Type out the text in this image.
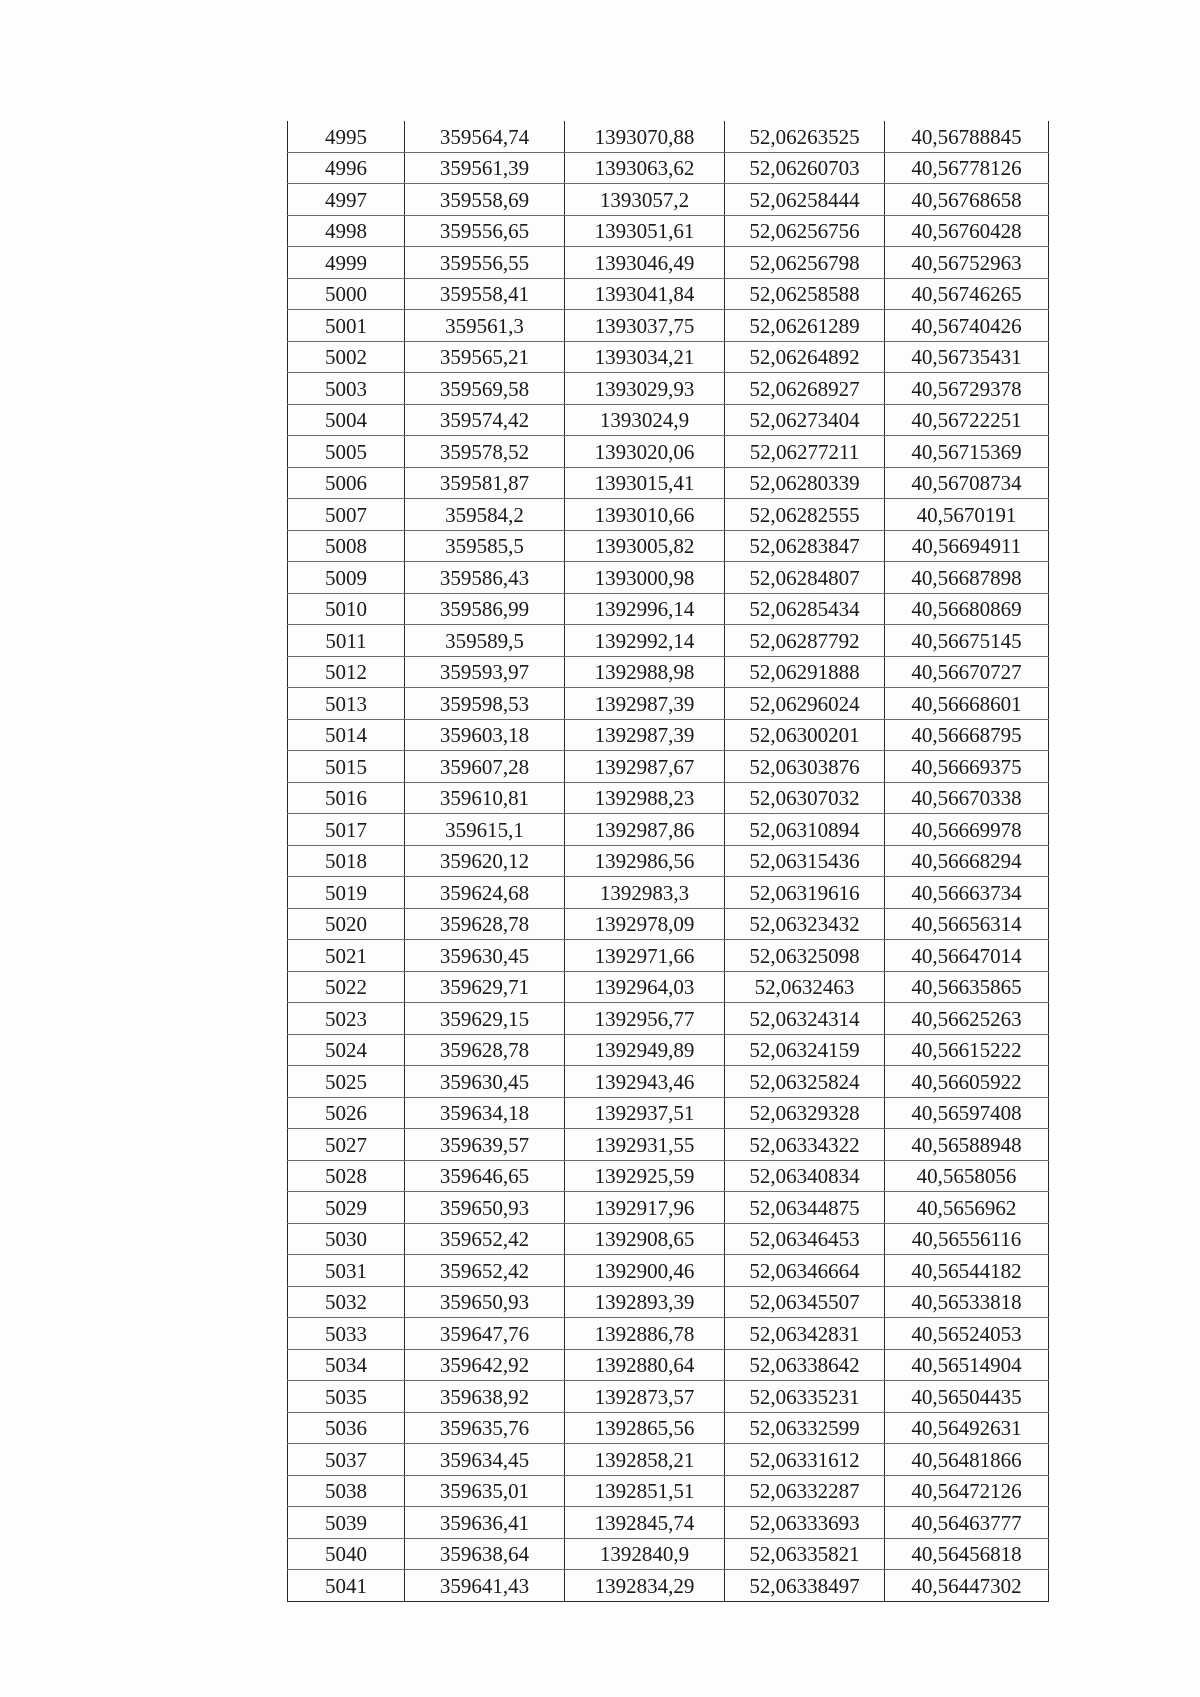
4995	359564,74	1393070,88	52,06263525	40,56788845
4996	359561,39	1393063,62	52,06260703	40,56778126
4997	359558,69	1393057,2	52,06258444	40,56768658
4998	359556,65	1393051,61	52,06256756	40,56760428
4999	359556,55	1393046,49	52,06256798	40,56752963
5000	359558,41	1393041,84	52,06258588	40,56746265
5001	359561,3	1393037,75	52,06261289	40,56740426
5002	359565,21	1393034,21	52,06264892	40,56735431
5003	359569,58	1393029,93	52,06268927	40,56729378
5004	359574,42	1393024,9	52,06273404	40,56722251
5005	359578,52	1393020,06	52,06277211	40,56715369
5006	359581,87	1393015,41	52,06280339	40,56708734
5007	359584,2	1393010,66	52,06282555	40,5670191
5008	359585,5	1393005,82	52,06283847	40,56694911
5009	359586,43	1393000,98	52,06284807	40,56687898
5010	359586,99	1392996,14	52,06285434	40,56680869
5011	359589,5	1392992,14	52,06287792	40,56675145
5012	359593,97	1392988,98	52,06291888	40,56670727
5013	359598,53	1392987,39	52,06296024	40,56668601
5014	359603,18	1392987,39	52,06300201	40,56668795
5015	359607,28	1392987,67	52,06303876	40,56669375
5016	359610,81	1392988,23	52,06307032	40,56670338
5017	359615,1	1392987,86	52,06310894	40,56669978
5018	359620,12	1392986,56	52,06315436	40,56668294
5019	359624,68	1392983,3	52,06319616	40,56663734
5020	359628,78	1392978,09	52,06323432	40,56656314
5021	359630,45	1392971,66	52,06325098	40,56647014
5022	359629,71	1392964,03	52,0632463	40,56635865
5023	359629,15	1392956,77	52,06324314	40,56625263
5024	359628,78	1392949,89	52,06324159	40,56615222
5025	359630,45	1392943,46	52,06325824	40,56605922
5026	359634,18	1392937,51	52,06329328	40,56597408
5027	359639,57	1392931,55	52,06334322	40,56588948
5028	359646,65	1392925,59	52,06340834	40,5658056
5029	359650,93	1392917,96	52,06344875	40,5656962
5030	359652,42	1392908,65	52,06346453	40,56556116
5031	359652,42	1392900,46	52,06346664	40,56544182
5032	359650,93	1392893,39	52,06345507	40,56533818
5033	359647,76	1392886,78	52,06342831	40,56524053
5034	359642,92	1392880,64	52,06338642	40,56514904
5035	359638,92	1392873,57	52,06335231	40,56504435
5036	359635,76	1392865,56	52,06332599	40,56492631
5037	359634,45	1392858,21	52,06331612	40,56481866
5038	359635,01	1392851,51	52,06332287	40,56472126
5039	359636,41	1392845,74	52,06333693	40,56463777
5040	359638,64	1392840,9	52,06335821	40,56456818
5041	359641,43	1392834,29	52,06338497	40,56447302
